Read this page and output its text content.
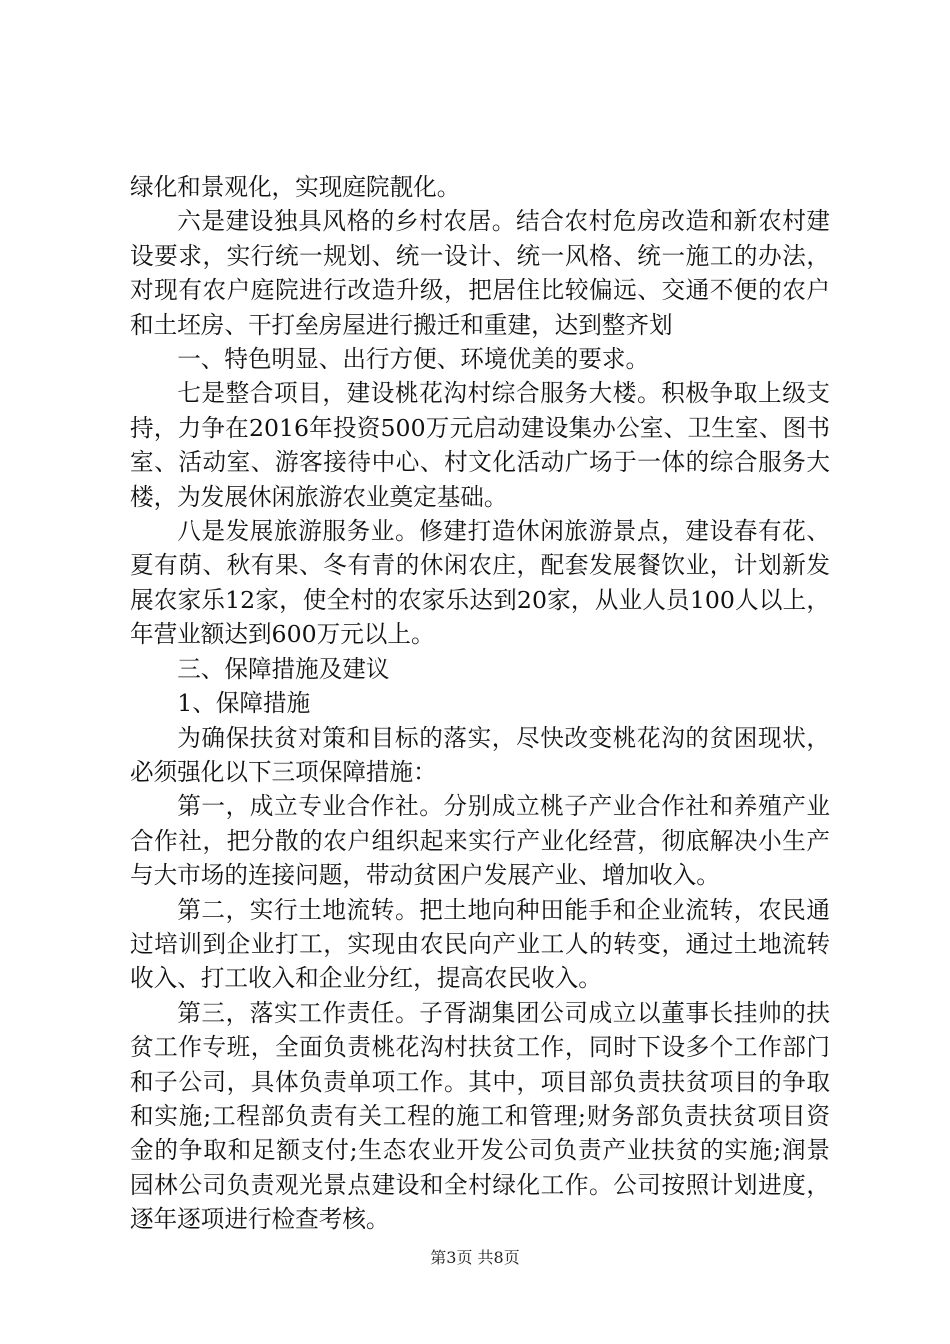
绿化和景观化，实现庭院靓化。

六是建设独具风格的乡村农居。结合农村危房改造和新农村建设要求，实行统一规划、统一设计、统一风格、统一施工的办法，对现有农户庭院进行改造升级，把居住比较偏远、交通不便的农户和土坯房、干打垒房屋进行搬迁和重建，达到整齐划

一、特色明显、出行方便、环境优美的要求。

七是整合项目，建设桃花沟村综合服务大楼。积极争取上级支持，力争在2016年投资500万元启动建设集办公室、卫生室、图书室、活动室、游客接待中心、村文化活动广场于一体的综合服务大楼，为发展休闲旅游农业奠定基础。

八是发展旅游服务业。修建打造休闲旅游景点，建设春有花、夏有荫、秋有果、冬有青的休闲农庄，配套发展餐饮业，计划新发展农家乐12家，使全村的农家乐达到20家，从业人员100人以上，年营业额达到600万元以上。

三、保障措施及建议

1、保障措施

为确保扶贫对策和目标的落实，尽快改变桃花沟的贫困现状，必须强化以下三项保障措施：

第一，成立专业合作社。分别成立桃子产业合作社和养殖产业合作社，把分散的农户组织起来实行产业化经营，彻底解决小生产与大市场的连接问题，带动贫困户发展产业、增加收入。

第二，实行土地流转。把土地向种田能手和企业流转，农民通过培训到企业打工，实现由农民向产业工人的转变，通过土地流转收入、打工收入和企业分红，提高农民收入。

第三，落实工作责任。子胥湖集团公司成立以董事长挂帅的扶贫工作专班，全面负责桃花沟村扶贫工作，同时下设多个工作部门和子公司，具体负责单项工作。其中，项目部负责扶贫项目的争取和实施;工程部负责有关工程的施工和管理;财务部负责扶贫项目资金的争取和足额支付;生态农业开发公司负责产业扶贫的实施;润景园林公司负责观光景点建设和全村绿化工作。公司按照计划进度，逐年逐项进行检查考核。

第3页 共8页
